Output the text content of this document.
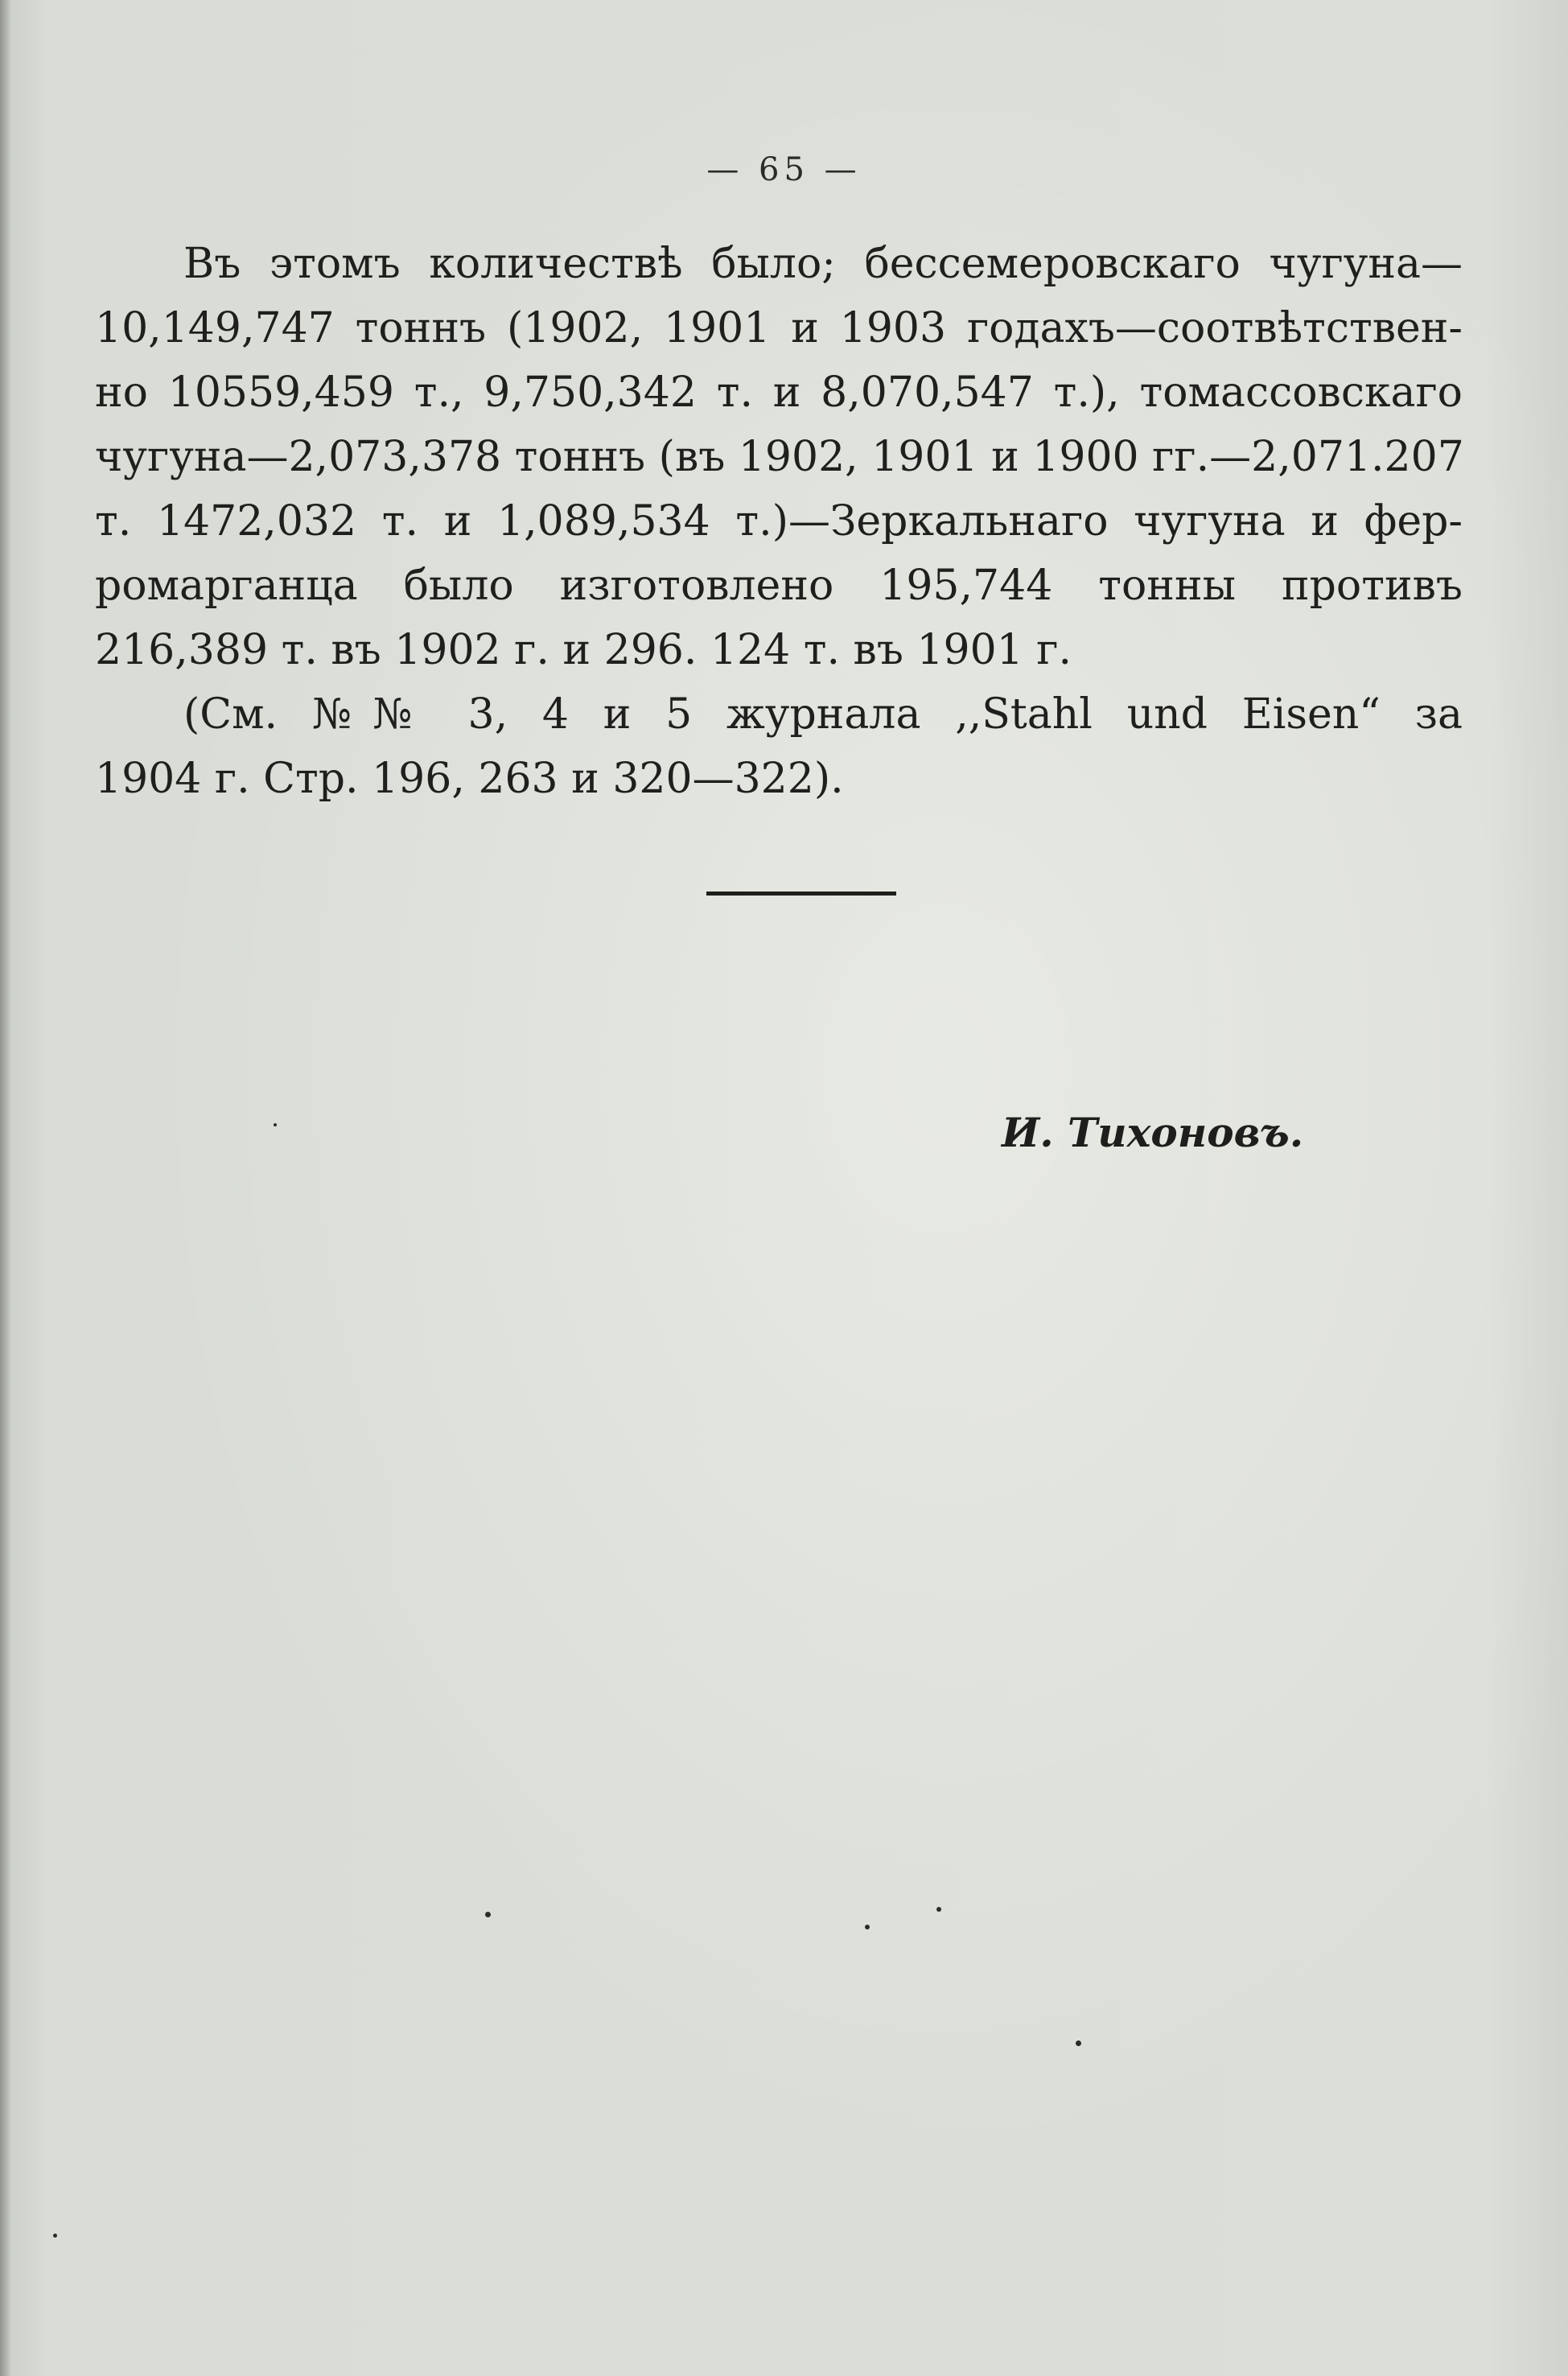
— 65 —
Въ этомъ количествѣ было; бессемеровскаго чугуна—
10,149,747 тоннъ (1902, 1901 и 1903 годахъ—соотвѣтствен-
но 10559,459 т., 9,750,342 т. и 8,070,547 т.), томассовскаго
чугуна—2,073,378 тоннъ (въ 1902, 1901 и 1900 гг.—2,071.207
т. 1472,032 т. и 1,089,534 т.)—Зеркальнаго чугуна и фер-
ромарганца было изготовлено 195,744 тонны противъ
216,389 т. въ 1902 г. и 296. 124 т. въ 1901 г.
(См. №№ 3, 4 и 5 журнала ,,Stahl und Eisen“ за
1904 г. Стр. 196, 263 и 320—322).
И. Тихоновъ.
